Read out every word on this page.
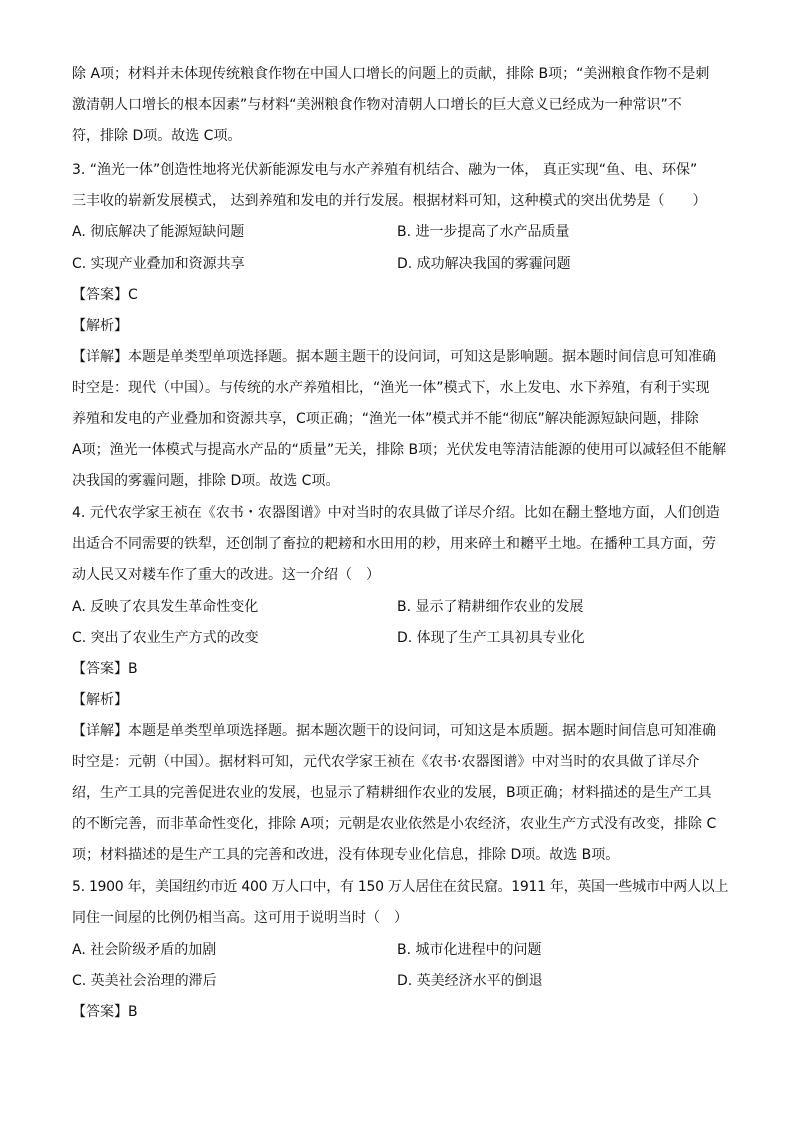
除 A项；材料并未体现传统粮食作物在中国人口增长的问题上的贡献，排除 B项；“美洲粮食作物不是刺
激清朝人口增长的根本因素”与材料“美洲粮食作物对清朝人口增长的巨大意义已经成为一种常识”不
符，排除 D项。故选 C项。
3. “渔光一体”创造性地将光伏新能源发电与水产养殖有机结合、融为一体， 真正实现“鱼、电、环保”
三丰收的崭新发展模式， 达到养殖和发电的并行发展。根据材料可知，这种模式的突出优势是（　　）
A. 彻底解决了能源短缺问题	B. 进一步提高了水产品质量
C. 实现产业叠加和资源共享	D. 成功解决我国的雾霾问题
【答案】C
【解析】
【详解】本题是单类型单项选择题。据本题主题干的设问词，可知这是影响题。据本题时间信息可知准确
时空是：现代（中国）。与传统的水产养殖相比，“渔光一体”模式下，水上发电、水下养殖，有利于实现
养殖和发电的产业叠加和资源共享，C项正确；“渔光一体”模式并不能“彻底”解决能源短缺问题，排除
A项；渔光一体模式与提高水产品的“质量”无关，排除 B项；光伏发电等清洁能源的使用可以减轻但不能解
决我国的雾霾问题，排除 D项。故选 C项。
4. 元代农学家王祯在《农书・农器图谱》中对当时的农具做了详尽介绍。比如在翻土整地方面，人们创造
出适合不同需要的铁犁，还创制了畜拉的耙耪和水田用的耖，用来碎土和耱平土地。在播种工具方面，劳
动人民又对耧车作了重大的改进。这一介绍（　）
A. 反映了农具发生革命性变化	B. 显示了精耕细作农业的发展
C. 突出了农业生产方式的改变	D. 体现了生产工具初具专业化
【答案】B
【解析】
【详解】本题是单类型单项选择题。据本题次题干的设问词，可知这是本质题。据本题时间信息可知准确
时空是：元朝（中国）。据材料可知，元代农学家王祯在《农书·农器图谱》中对当时的农具做了详尽介
绍，生产工具的完善促进农业的发展，也显示了精耕细作农业的发展，B项正确；材料描述的是生产工具
的不断完善，而非革命性变化，排除 A项；元朝是农业依然是小农经济，农业生产方式没有改变，排除 C
项；材料描述的是生产工具的完善和改进，没有体现专业化信息，排除 D项。故选 B项。
5. 1900 年，美国纽约市近 400 万人口中，有 150 万人居住在贫民窟。1911 年，英国一些城市中两人以上
同住一间屋的比例仍相当高。这可用于说明当时（　）
A. 社会阶级矛盾的加剧	B. 城市化进程中的问题
C. 英美社会治理的滞后	D. 英美经济水平的倒退
【答案】B
